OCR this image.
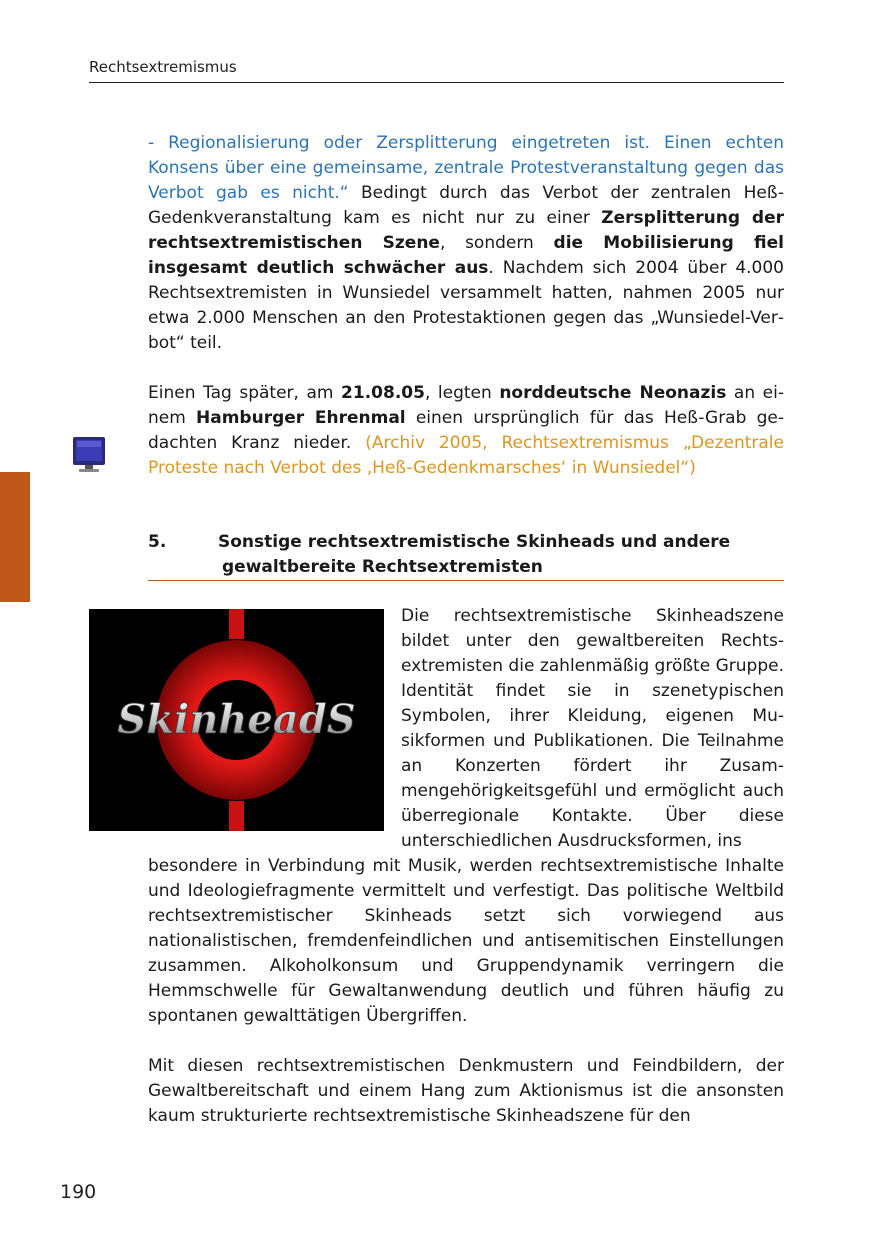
Rechtsextremismus

- Regionalisierung oder Zersplitterung eingetreten ist. Einen echten Konsens über eine gemeinsame, zentrale Protestveranstaltung gegen das Verbot gab es nicht.“ Bedingt durch das Verbot der zentralen Heß-Gedenkveranstaltung kam es nicht nur zu einer Zersplitterung der rechtsextremistischen Szene, sondern die Mobilisierung fiel insgesamt deutlich schwächer aus. Nachdem sich 2004 über 4.000 Rechtsextremisten in Wunsiedel versammelt hatten, nahmen 2005 nur etwa 2.000 Menschen an den Protestaktionen gegen das „Wunsiedel-Verbot“ teil.

Einen Tag später, am 21.08.05, legten norddeutsche Neonazis an einem Hamburger Ehrenmal einen ursprünglich für das Heß-Grab gedachten Kranz nieder. (Archiv 2005, Rechtsextremismus „Dezentrale Proteste nach Verbot des ‚Heß-Gedenkmarsches‘ in Wunsiedel“)

5.	Sonstige rechtsextremistische Skinheads und andere
gewaltbereite Rechtsextremisten
SkinheadS

Die rechtsextremistische Skinheadszene bildet unter den gewaltbereiten Rechtsextremisten die zahlenmäßig größte Gruppe. Identität findet sie in szenetypischen Symbolen, ihrer Kleidung, eigenen Musikformen und Publikationen. Die Teilnahme an Konzerten fördert ihr Zusammengehörigkeitsgefühl und ermöglicht auch überregionale Kontakte. Über diese unterschiedlichen Ausdrucksformen, ins

besondere in Verbindung mit Musik, werden rechtsextremistische Inhalte und Ideologiefragmente vermittelt und verfestigt. Das politische Weltbild rechtsextremistischer Skinheads setzt sich vorwiegend aus nationalistischen, fremdenfeindlichen und antisemitischen Einstellungen zusammen. Alkoholkonsum und Gruppendynamik verringern die Hemmschwelle für Gewaltanwendung deutlich und führen häufig zu spontanen gewalttätigen Übergriffen.

Mit diesen rechtsextremistischen Denkmustern und Feindbildern, der Gewaltbereitschaft und einem Hang zum Aktionismus ist die ansonsten kaum strukturierte rechtsextremistische Skinheadszene für den

190
